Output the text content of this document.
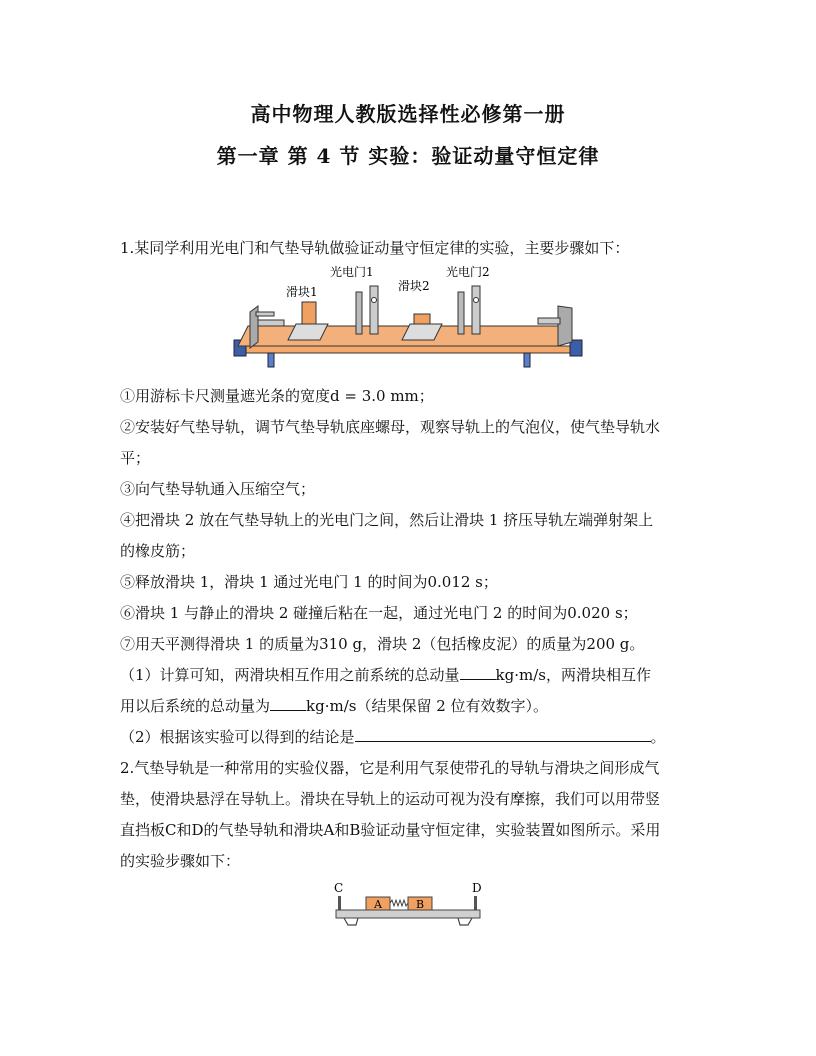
高中物理人教版选择性必修第一册
第一章 第 4 节 实验：验证动量守恒定律
1.某同学利用光电门和气垫导轨做验证动量守恒定律的实验，主要步骤如下：
滑块1
光电门1
滑块2
光电门2
①用游标卡尺测量遮光条的宽度d = 3.0 mm；
②安装好气垫导轨，调节气垫导轨底座螺母，观察导轨上的气泡仪，使气垫导轨水
平；
③向气垫导轨通入压缩空气；
④把滑块 2 放在气垫导轨上的光电门之间，然后让滑块 1 挤压导轨左端弹射架上
的橡皮筋；
⑤释放滑块 1，滑块 1 通过光电门 1 的时间为0.012 s；
⑥滑块 1 与静止的滑块 2 碰撞后粘在一起，通过光电门 2 的时间为0.020 s；
⑦用天平测得滑块 1 的质量为310 g，滑块 2（包括橡皮泥）的质量为200 g。
（1）计算可知，两滑块相互作用之前系统的总动量 kg·m/s，两滑块相互作
用以后系统的总动量为 kg·m/s（结果保留 2 位有效数字）。
（2）根据该实验可以得到的结论是	。
2.气垫导轨是一种常用的实验仪器，它是利用气泵使带孔的导轨与滑块之间形成气
垫，使滑块悬浮在导轨上。滑块在导轨上的运动可视为没有摩擦，我们可以用带竖
直挡板C和D的气垫导轨和滑块A和B验证动量守恒定律，实验装置如图所示。采用
的实验步骤如下：
C	D
A	B
